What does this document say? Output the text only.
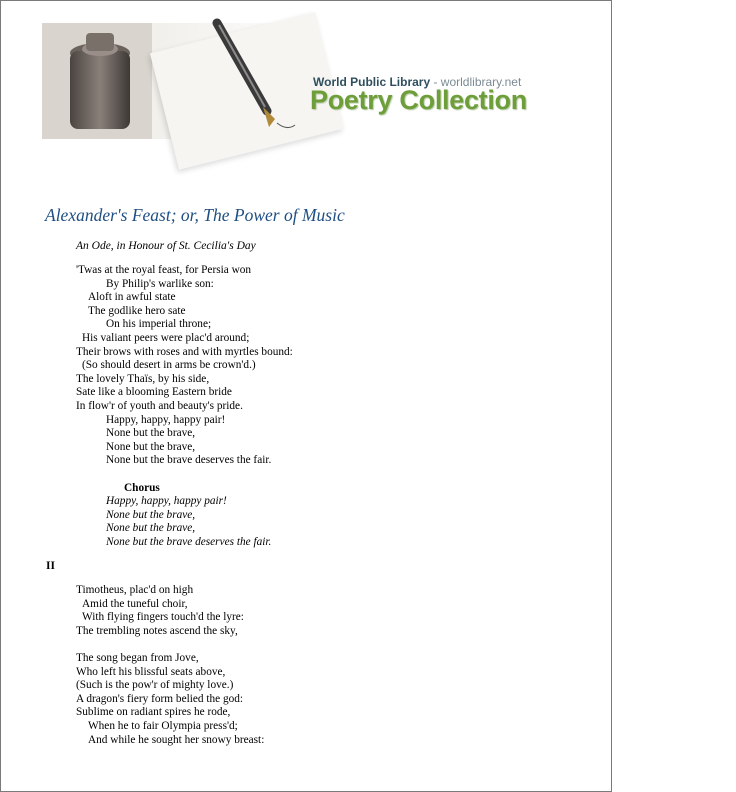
World Public Library - worldlibrary.net
Poetry Collection
Alexander's Feast; or, The Power of Music
An Ode, in Honour of St. Cecilia's Day
'Twas at the royal feast, for Persia won
By Philip's warlike son:
Aloft in awful state
The godlike hero sate
On his imperial throne;
His valiant peers were plac'd around;
Their brows with roses and with myrtles bound:
(So should desert in arms be crown'd.)
The lovely Thaïs, by his side,
Sate like a blooming Eastern bride
In flow'r of youth and beauty's pride.
Happy, happy, happy pair!
None but the brave,
None but the brave,
None but the brave deserves the fair.
Chorus
Happy, happy, happy pair!
None but the brave,
None but the brave,
None but the brave deserves the fair.
II
Timotheus, plac'd on high
Amid the tuneful choir,
With flying fingers touch'd the lyre:
The trembling notes ascend the sky,
The song began from Jove,
Who left his blissful seats above,
(Such is the pow'r of mighty love.)
A dragon's fiery form belied the god:
Sublime on radiant spires he rode,
When he to fair Olympia press'd;
And while he sought her snowy breast:
